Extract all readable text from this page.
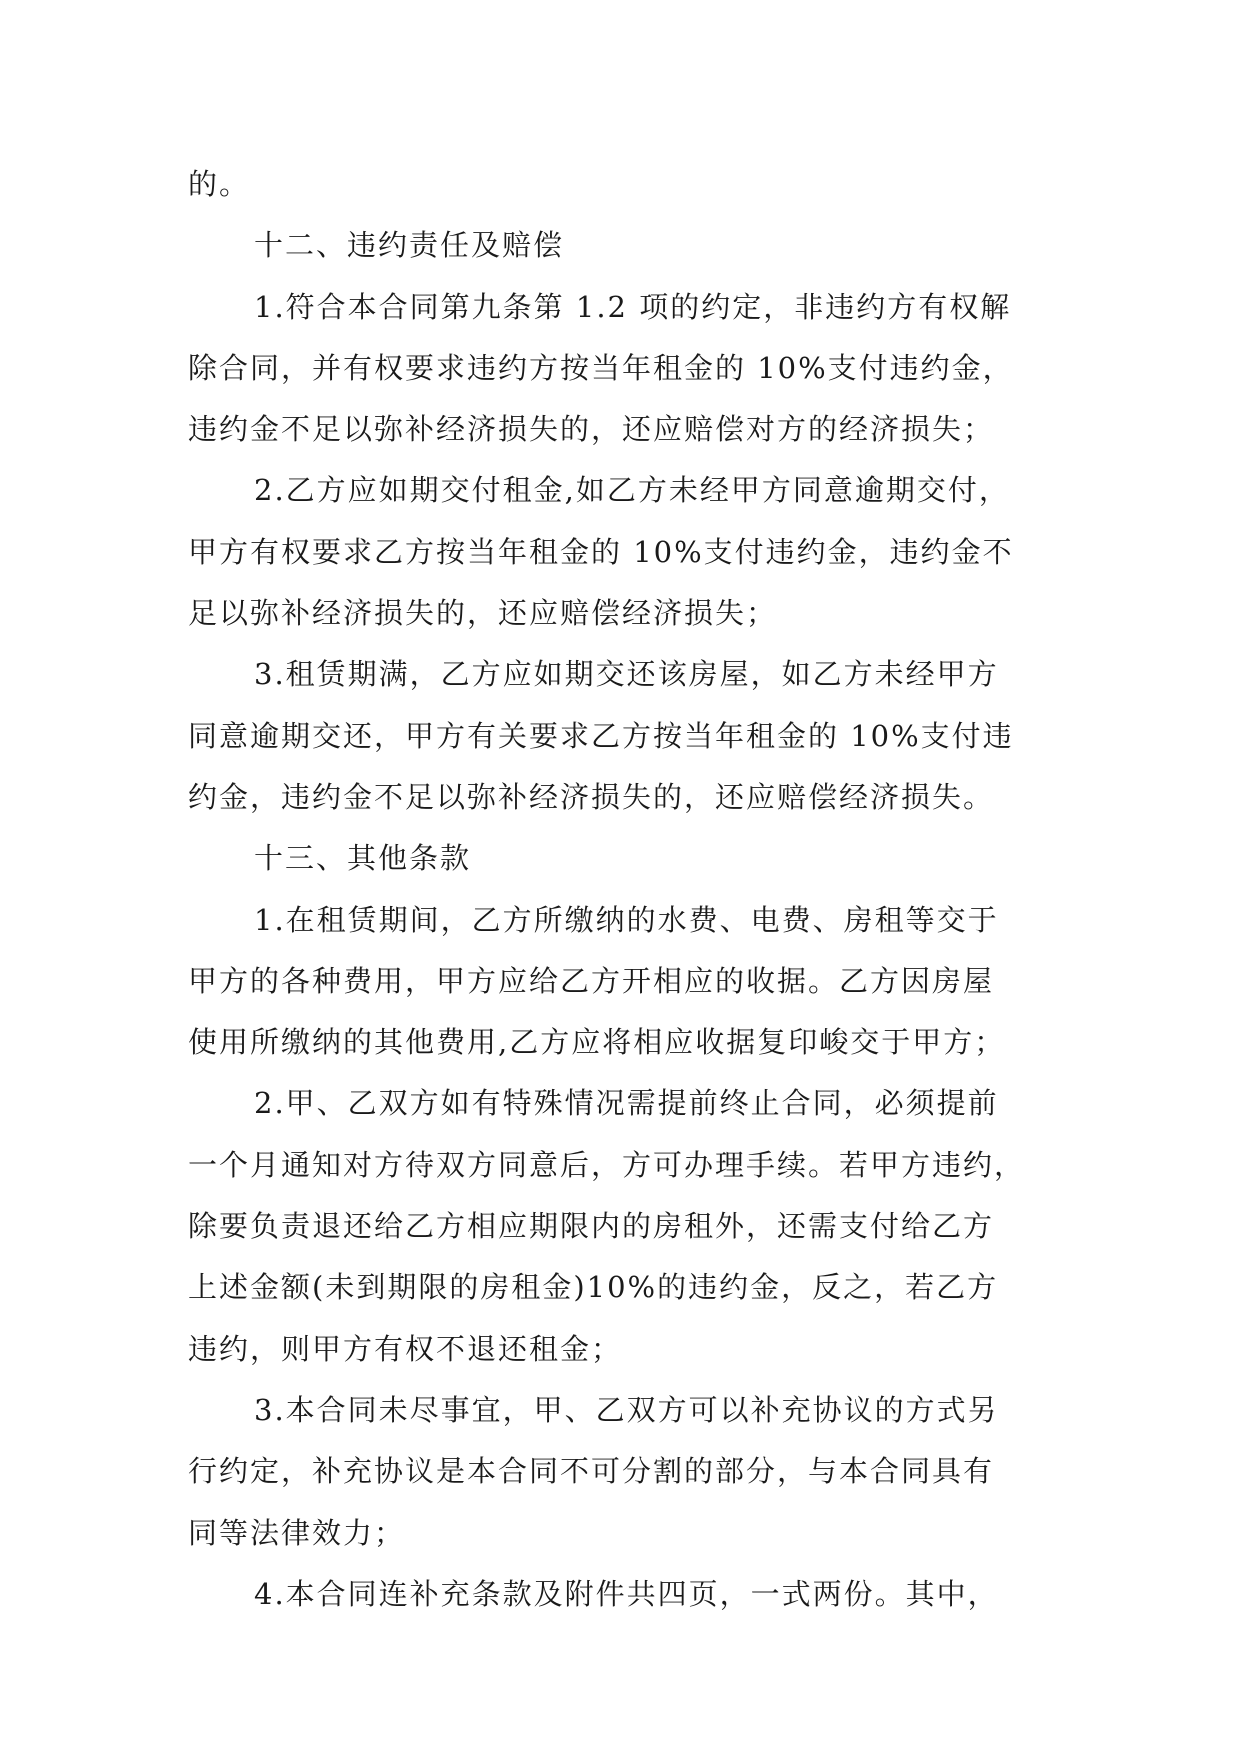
的。
十二、违约责任及赔偿
1.符合本合同第九条第 1.2 项的约定，非违约方有权解
除合同，并有权要求违约方按当年租金的 10%支付违约金，
违约金不足以弥补经济损失的，还应赔偿对方的经济损失；
2.乙方应如期交付租金,如乙方未经甲方同意逾期交付，
甲方有权要求乙方按当年租金的 10%支付违约金，违约金不
足以弥补经济损失的，还应赔偿经济损失；
3.租赁期满，乙方应如期交还该房屋，如乙方未经甲方
同意逾期交还，甲方有关要求乙方按当年租金的 10%支付违
约金，违约金不足以弥补经济损失的，还应赔偿经济损失。
十三、其他条款
1.在租赁期间，乙方所缴纳的水费、电费、房租等交于
甲方的各种费用，甲方应给乙方开相应的收据。乙方因房屋
使用所缴纳的其他费用,乙方应将相应收据复印峻交于甲方；
2.甲、乙双方如有特殊情况需提前终止合同，必须提前
一个月通知对方待双方同意后，方可办理手续。若甲方违约，
除要负责退还给乙方相应期限内的房租外，还需支付给乙方
上述金额(未到期限的房租金)10%的违约金，反之，若乙方
违约，则甲方有权不退还租金；
3.本合同未尽事宜，甲、乙双方可以补充协议的方式另
行约定，补充协议是本合同不可分割的部分，与本合同具有
同等法律效力；
4.本合同连补充条款及附件共四页，一式两份。其中，
